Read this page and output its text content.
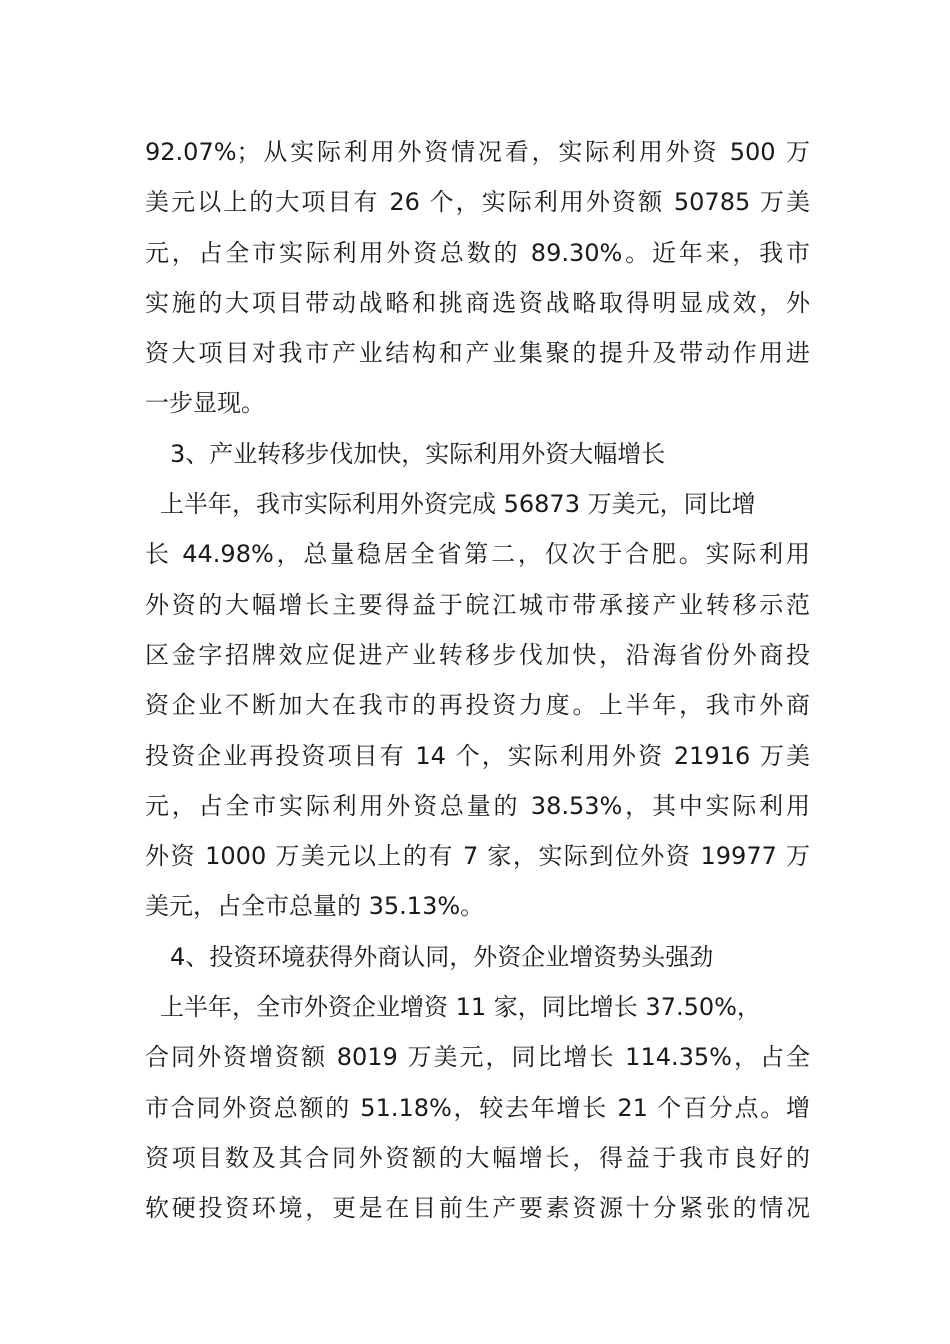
92.07%；从实际利用外资情况看，实际利用外资 500 万
美元以上的大项目有 26 个，实际利用外资额 50785 万美
元，占全市实际利用外资总数的 89.30%。近年来，我市
实施的大项目带动战略和挑商选资战略取得明显成效，外
资大项目对我市产业结构和产业集聚的提升及带动作用进
一步显现。
3、产业转移步伐加快，实际利用外资大幅增长
上半年，我市实际利用外资完成 56873 万美元，同比增
长 44.98%，总量稳居全省第二，仅次于合肥。实际利用
外资的大幅增长主要得益于皖江城市带承接产业转移示范
区金字招牌效应促进产业转移步伐加快，沿海省份外商投
资企业不断加大在我市的再投资力度。上半年，我市外商
投资企业再投资项目有 14 个，实际利用外资 21916 万美
元，占全市实际利用外资总量的 38.53%，其中实际利用
外资 1000 万美元以上的有 7 家，实际到位外资 19977 万
美元，占全市总量的 35.13%。
4、投资环境获得外商认同，外资企业增资势头强劲
上半年，全市外资企业增资 11 家，同比增长 37.50%，
合同外资增资额 8019 万美元，同比增长 114.35%，占全
市合同外资总额的 51.18%，较去年增长 21 个百分点。增
资项目数及其合同外资额的大幅增长，得益于我市良好的
软硬投资环境，更是在目前生产要素资源十分紧张的情况
